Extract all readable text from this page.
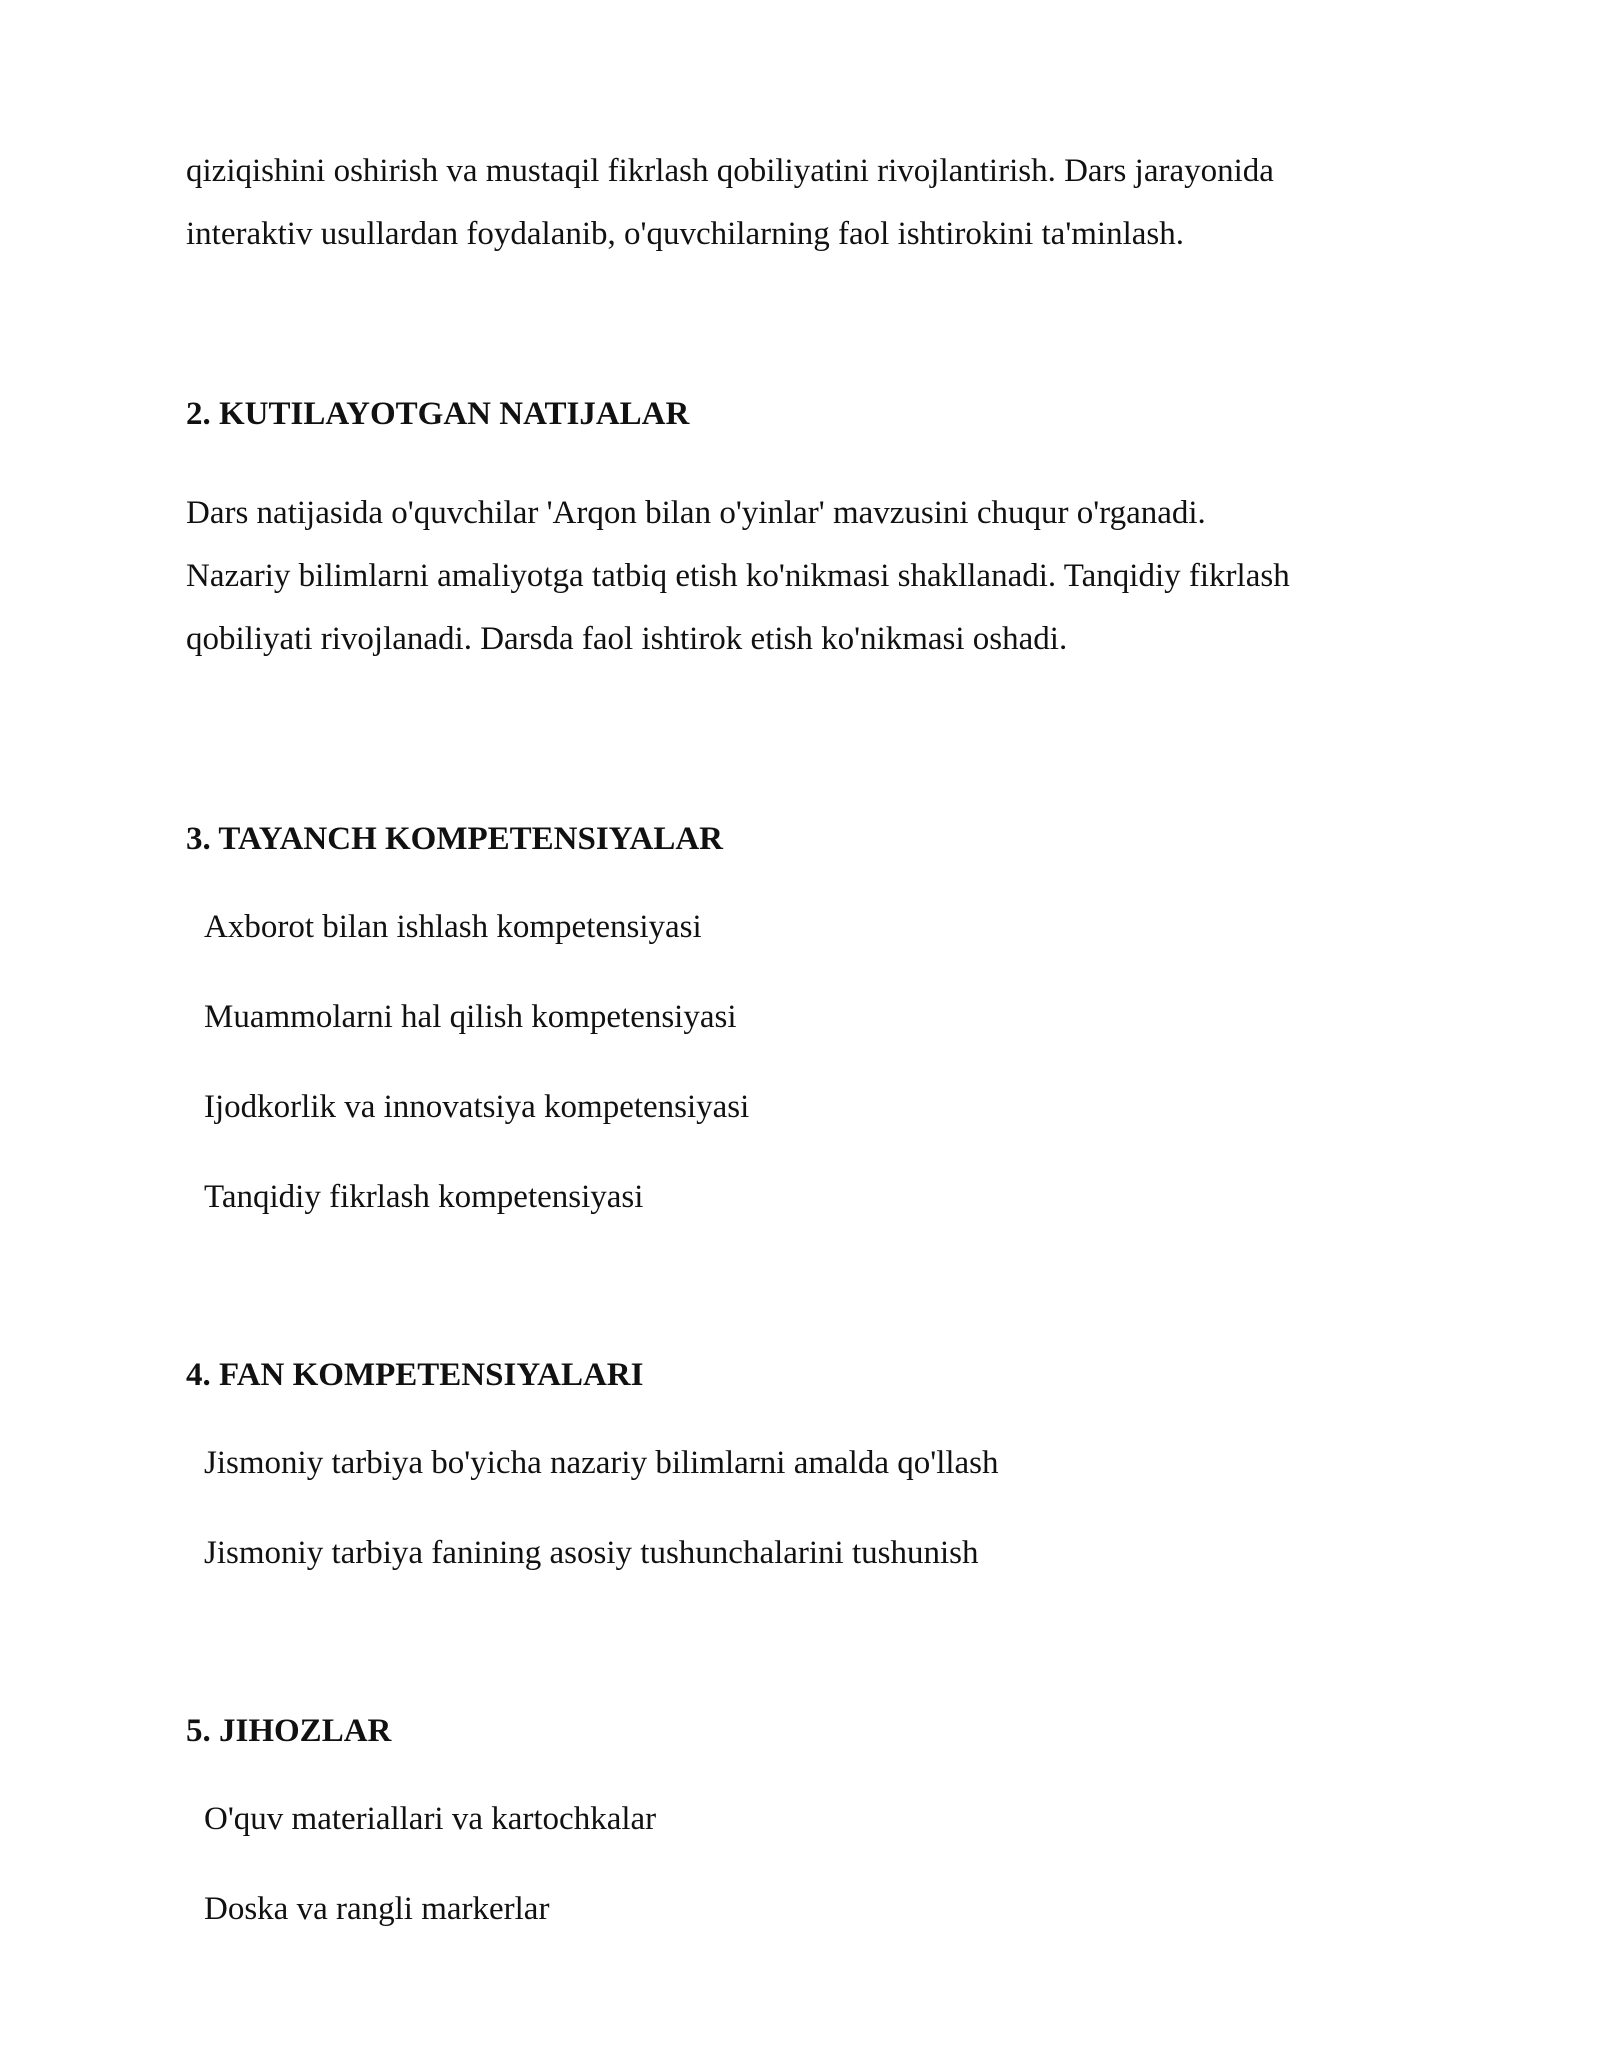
qiziqishini oshirish va mustaqil fikrlash qobiliyatini rivojlantirish. Dars jarayonida
interaktiv usullardan foydalanib, o'quvchilarning faol ishtirokini ta'minlash.
2. KUTILAYOTGAN NATIJALAR
Dars natijasida o'quvchilar 'Arqon bilan o'yinlar' mavzusini chuqur o'rganadi.
Nazariy bilimlarni amaliyotga tatbiq etish ko'nikmasi shakllanadi. Tanqidiy fikrlash
qobiliyati rivojlanadi. Darsda faol ishtirok etish ko'nikmasi oshadi.
3. TAYANCH KOMPETENSIYALAR
Axborot bilan ishlash kompetensiyasi
Muammolarni hal qilish kompetensiyasi
Ijodkorlik va innovatsiya kompetensiyasi
Tanqidiy fikrlash kompetensiyasi
4. FAN KOMPETENSIYALARI
Jismoniy tarbiya bo'yicha nazariy bilimlarni amalda qo'llash
Jismoniy tarbiya fanining asosiy tushunchalarini tushunish
5. JIHOZLAR
O'quv materiallari va kartochkalar
Doska va rangli markerlar
